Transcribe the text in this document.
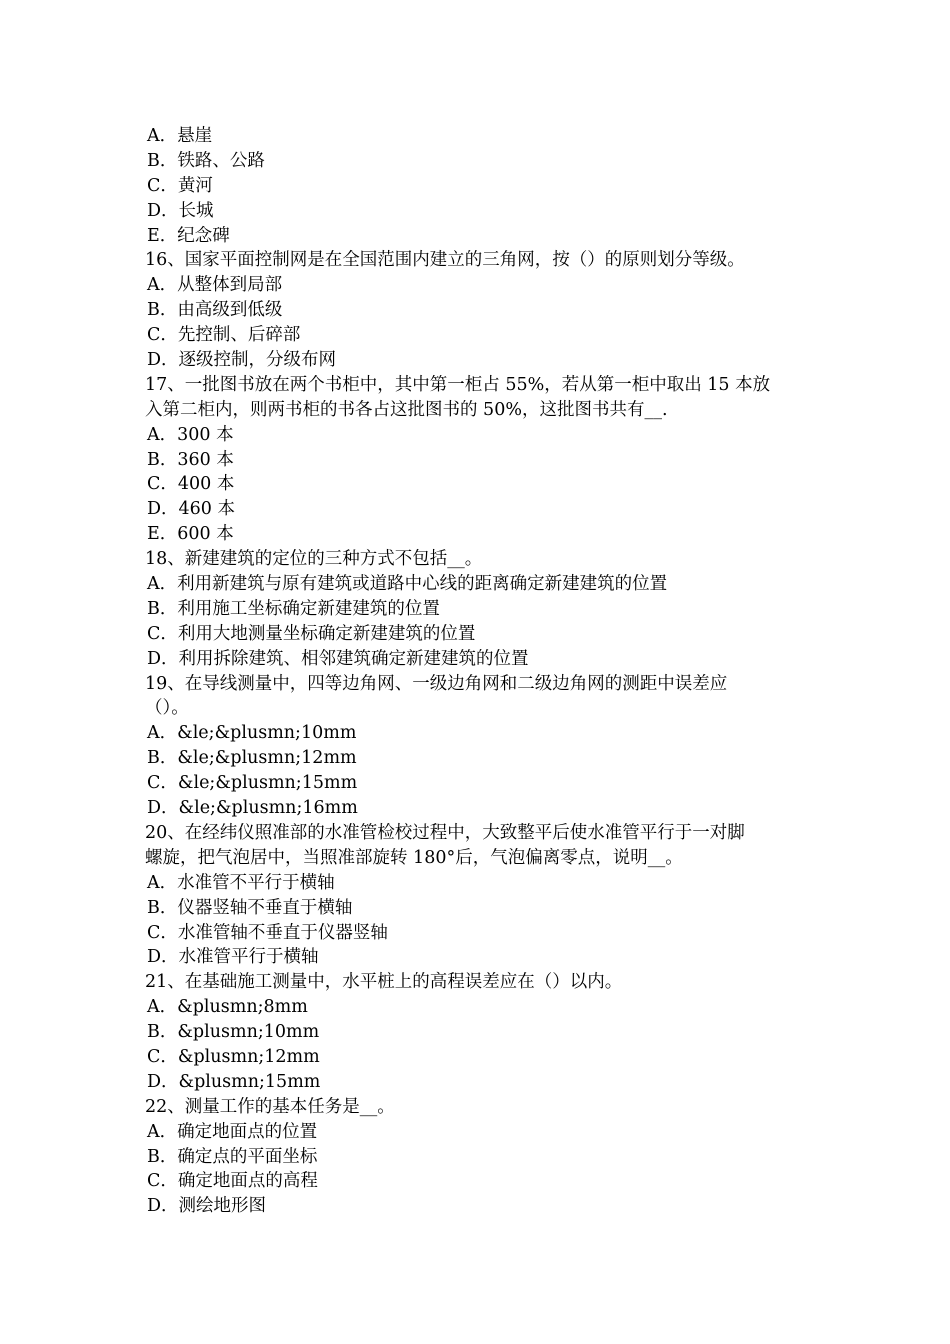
A．悬崖
B．铁路、公路
C．黄河
D．长城
E．纪念碑
16、国家平面控制网是在全国范围内建立的三角网，按（）的原则划分等级。
A．从整体到局部
B．由高级到低级
C．先控制、后碎部
D．逐级控制，分级布网
17、一批图书放在两个书柜中，其中第一柜占 55%，若从第一柜中取出 15 本放
入第二柜内，则两书柜的书各占这批图书的 50%，这批图书共有__.
A．300 本
B．360 本
C．400 本
D．460 本
E．600 本
18、新建建筑的定位的三种方式不包括__。
A．利用新建筑与原有建筑或道路中心线的距离确定新建建筑的位置
B．利用施工坐标确定新建建筑的位置
C．利用大地测量坐标确定新建建筑的位置
D．利用拆除建筑、相邻建筑确定新建建筑的位置
19、在导线测量中，四等边角网、一级边角网和二级边角网的测距中误差应
（）。
A．&le;&plusmn;10mm
B．&le;&plusmn;12mm
C．&le;&plusmn;15mm
D．&le;&plusmn;16mm
20、在经纬仪照准部的水准管检校过程中，大致整平后使水准管平行于一对脚
螺旋，把气泡居中，当照准部旋转 180°后，气泡偏离零点，说明__。
A．水准管不平行于横轴
B．仪器竖轴不垂直于横轴
C．水准管轴不垂直于仪器竖轴
D．水准管平行于横轴
21、在基础施工测量中，水平桩上的高程误差应在（）以内。
A．&plusmn;8mm
B．&plusmn;10mm
C．&plusmn;12mm
D．&plusmn;15mm
22、测量工作的基本任务是__。
A．确定地面点的位置
B．确定点的平面坐标
C．确定地面点的高程
D．测绘地形图
